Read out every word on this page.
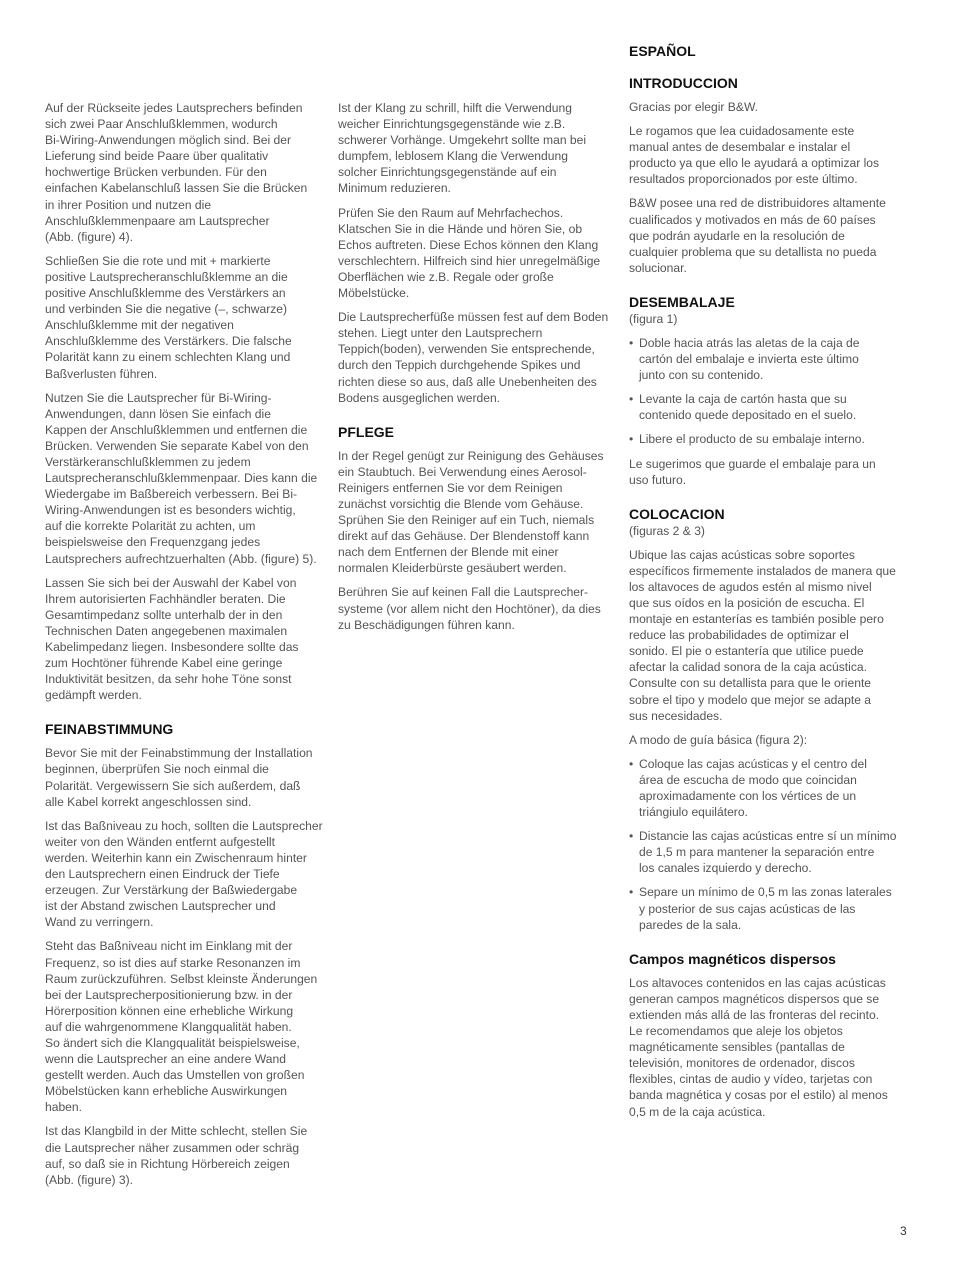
Auf der Rückseite jedes Lautsprechers befinden
sich zwei Paar Anschlußklemmen, wodurch
Bi-Wiring-Anwendungen möglich sind. Bei der
Lieferung sind beide Paare über qualitativ
hochwertige Brücken verbunden. Für den
einfachen Kabelanschluß lassen Sie die Brücken
in ihrer Position und nutzen die
Anschlußklemmenpaare am Lautsprecher
(Abb. (figure) 4).

Schließen Sie die rote und mit + markierte
positive Lautsprecheranschlußklemme an die
positive Anschlußklemme des Verstärkers an
und verbinden Sie die negative (–, schwarze)
Anschlußklemme mit der negativen
Anschlußklemme des Verstärkers. Die falsche
Polarität kann zu einem schlechten Klang und
Baßverlusten führen.

Nutzen Sie die Lautsprecher für Bi-Wiring-
Anwendungen, dann lösen Sie einfach die
Kappen der Anschlußklemmen und entfernen die
Brücken. Verwenden Sie separate Kabel von den
Verstärkeranschlußklemmen zu jedem
Lautsprecheranschlußklemmenpaar. Dies kann die
Wiedergabe im Baßbereich verbessern. Bei Bi-
Wiring-Anwendungen ist es besonders wichtig,
auf die korrekte Polarität zu achten, um
beispielsweise den Frequenzgang jedes
Lautsprechers aufrechtzuerhalten (Abb. (figure) 5).

Lassen Sie sich bei der Auswahl der Kabel von
Ihrem autorisierten Fachhändler beraten. Die
Gesamtimpedanz sollte unterhalb der in den
Technischen Daten angegebenen maximalen
Kabelimpedanz liegen. Insbesondere sollte das
zum Hochtöner führende Kabel eine geringe
Induktivität besitzen, da sehr hohe Töne sonst
gedämpft werden.

FEINABSTIMMUNG

Bevor Sie mit der Feinabstimmung der Installation
beginnen, überprüfen Sie noch einmal die
Polarität. Vergewissern Sie sich außerdem, daß
alle Kabel korrekt angeschlossen sind.

Ist das Baßniveau zu hoch, sollten die Lautsprecher
weiter von den Wänden entfernt aufgestellt
werden. Weiterhin kann ein Zwischenraum hinter
den Lautsprechern einen Eindruck der Tiefe
erzeugen. Zur Verstärkung der Baßwiedergabe
ist der Abstand zwischen Lautsprecher und
Wand zu verringern.

Steht das Baßniveau nicht im Einklang mit der
Frequenz, so ist dies auf starke Resonanzen im
Raum zurückzuführen. Selbst kleinste Änderungen
bei der Lautsprecherpositionierung bzw. in der
Hörerposition können eine erhebliche Wirkung
auf die wahrgenommene Klangqualität haben.
So ändert sich die Klangqualität beispielsweise,
wenn die Lautsprecher an eine andere Wand
gestellt werden. Auch das Umstellen von großen
Möbelstücken kann erhebliche Auswirkungen
haben.

Ist das Klangbild in der Mitte schlecht, stellen Sie
die Lautsprecher näher zusammen oder schräg
auf, so daß sie in Richtung Hörbereich zeigen
(Abb. (figure) 3).

Ist der Klang zu schrill, hilft die Verwendung
weicher Einrichtungsgegenstände wie z.B.
schwerer Vorhänge. Umgekehrt sollte man bei
dumpfem, leblosem Klang die Verwendung
solcher Einrichtungsgegenstände auf ein
Minimum reduzieren.

Prüfen Sie den Raum auf Mehrfachechos.
Klatschen Sie in die Hände und hören Sie, ob
Echos auftreten. Diese Echos können den Klang
verschlechtern. Hilfreich sind hier unregelmäßige
Oberflächen wie z.B. Regale oder große
Möbelstücke.

Die Lautsprecherfüße müssen fest auf dem Boden
stehen. Liegt unter den Lautsprechern
Teppich(boden), verwenden Sie entsprechende,
durch den Teppich durchgehende Spikes und
richten diese so aus, daß alle Unebenheiten des
Bodens ausgeglichen werden.

PFLEGE

In der Regel genügt zur Reinigung des Gehäuses
ein Staubtuch. Bei Verwendung eines Aerosol-
Reinigers entfernen Sie vor dem Reinigen
zunächst vorsichtig die Blende vom Gehäuse.
Sprühen Sie den Reiniger auf ein Tuch, niemals
direkt auf das Gehäuse. Der Blendenstoff kann
nach dem Entfernen der Blende mit einer
normalen Kleiderbürste gesäubert werden.

Berühren Sie auf keinen Fall die Lautsprecher-
systeme (vor allem nicht den Hochtöner), da dies
zu Beschädigungen führen kann.

ESPAÑOL
INTRODUCCION

Gracias por elegir B&W.

Le rogamos que lea cuidadosamente este
manual antes de desembalar e instalar el
producto ya que ello le ayudará a optimizar los
resultados proporcionados por este último.

B&W posee una red de distribuidores altamente
cualificados y motivados en más de 60 países
que podrán ayudarle en la resolución de
cualquier problema que su detallista no pueda
solucionar.

DESEMBALAJE
(figura 1)
• Doble hacia atrás las aletas de la caja de
cartón del embalaje e invierta este último
junto con su contenido.
• Levante la caja de cartón hasta que su
contenido quede depositado en el suelo.
• Libere el producto de su embalaje interno.

Le sugerimos que guarde el embalaje para un
uso futuro.

COLOCACION
(figuras 2 & 3)

Ubique las cajas acústicas sobre soportes
específicos firmemente instalados de manera que
los altavoces de agudos estén al mismo nivel
que sus oídos en la posición de escucha. El
montaje en estanterías es también posible pero
reduce las probabilidades de optimizar el
sonido. El pie o estantería que utilice puede
afectar la calidad sonora de la caja acústica.
Consulte con su detallista para que le oriente
sobre el tipo y modelo que mejor se adapte a
sus necesidades.

A modo de guía básica (figura 2):

• Coloque las cajas acústicas y el centro del
área de escucha de modo que coincidan
aproximadamente con los vértices de un
triángiulo equilátero.
• Distancie las cajas acústicas entre sí un mínimo
de 1,5 m para mantener la separación entre
los canales izquierdo y derecho.
• Separe un mínimo de 0,5 m las zonas laterales
y posterior de sus cajas acústicas de las
paredes de la sala.
Campos magnéticos dispersos

Los altavoces contenidos en las cajas acústicas
generan campos magnéticos dispersos que se
extienden más allá de las fronteras del recinto.
Le recomendamos que aleje los objetos
magnéticamente sensibles (pantallas de
televisión, monitores de ordenador, discos
flexibles, cintas de audio y vídeo, tarjetas con
banda magnética y cosas por el estilo) al menos
0,5 m de la caja acústica.

3
